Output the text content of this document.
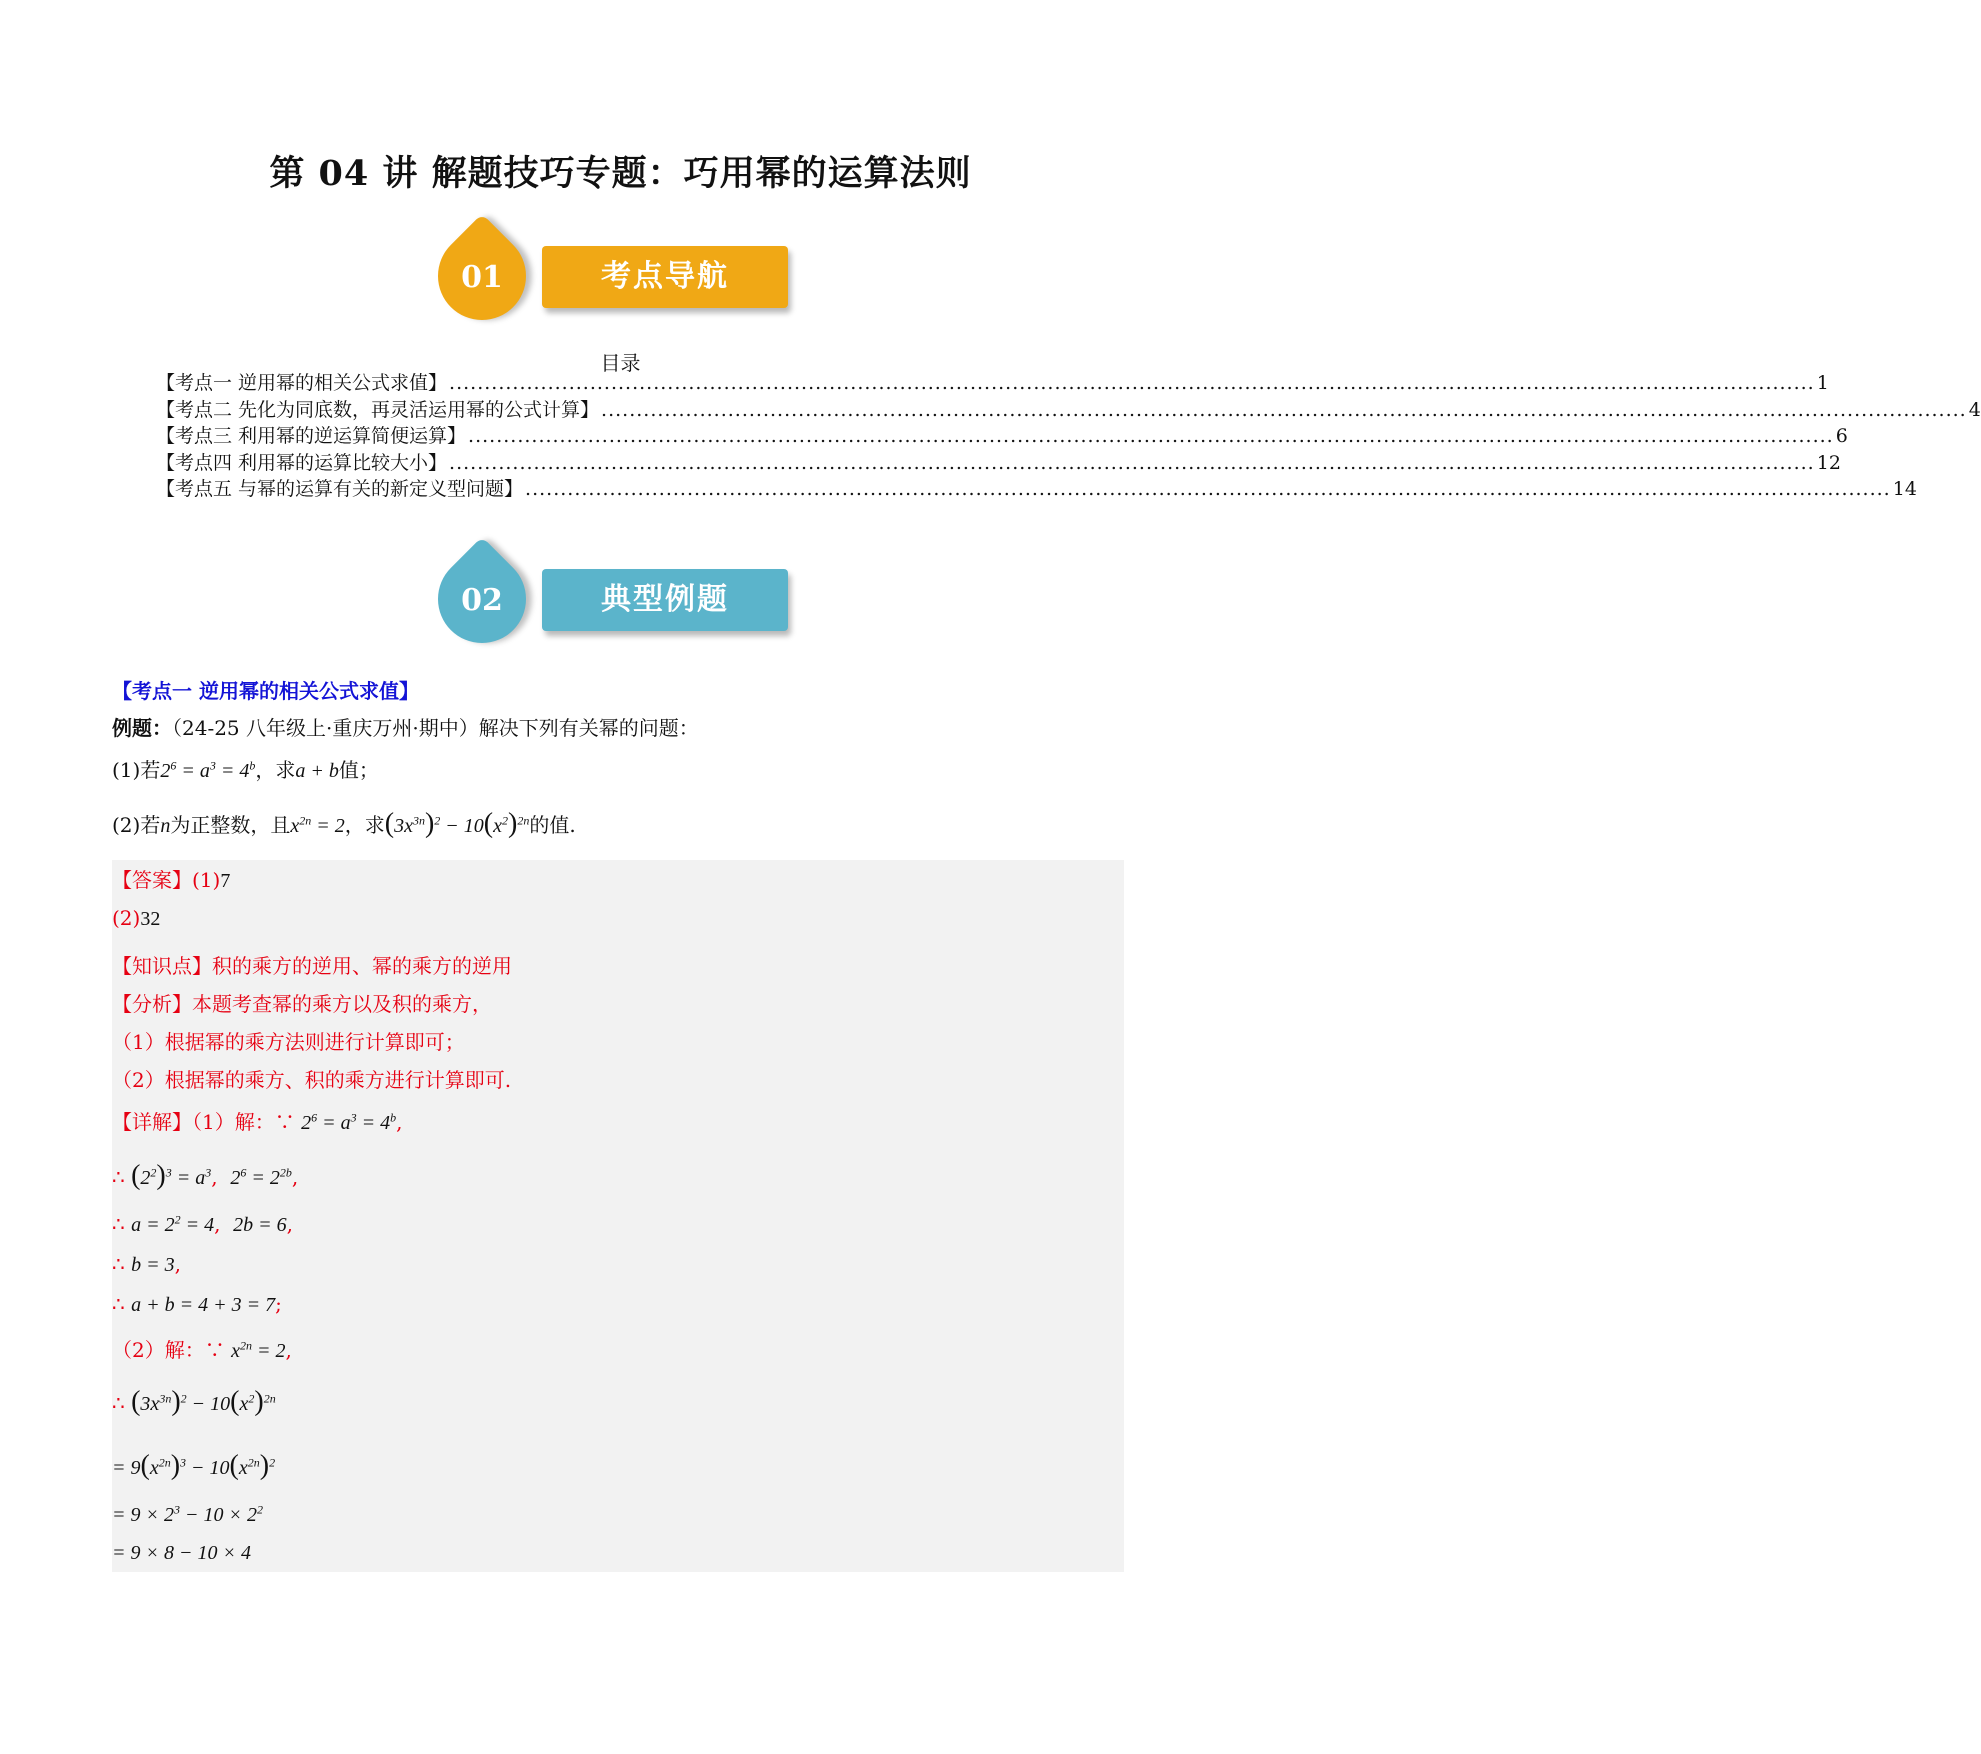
第 04 讲 解题技巧专题：巧用幂的运算法则
01	考点导航
目录
【考点一 逆用幂的相关公式求值】 .................................................................................................................................................................................................. 1
【考点二 先化为同底数，再灵活运用幂的公式计算】 .................................................................................................................................................................................................. 4
【考点三 利用幂的逆运算简便运算】 .................................................................................................................................................................................................. 6
【考点四 利用幂的运算比较大小】 .................................................................................................................................................................................................. 12
【考点五 与幂的运算有关的新定义型问题】 .................................................................................................................................................................................................. 14
02	典型例题
【考点一 逆用幂的相关公式求值】
例题：（24-25 八年级上·重庆万州·期中）解决下列有关幂的问题：
(1)若$2^6 = a^3 = 4^b$，求a + b值；
(2)若n为正整数，且$x^{2n} = 2$，求$(3x^{3n})^2 - 10(x^2)^{2n}$的值.
【答案】(1)7
(2)32
【知识点】积的乘方的逆用、幂的乘方的逆用
【分析】本题考查幂的乘方以及积的乘方，
（1）根据幂的乘方法则进行计算即可；
（2）根据幂的乘方、积的乘方进行计算即可.
【详解】（1）解：∵ $2^6 = a^3 = 4^b$,
∴ $(2^2)^3 = a^3$,  $2^6 = 2^{2b}$,
∴ $a = 2^2 = 4$,  2b = 6,
∴ b = 3,
∴ a + b = 4 + 3 = 7;
（2）解：∵ $x^{2n} = 2$,
∴ $(3x^{3n})^2 - 10(x^2)^{2n}$
= $9(x^{2n})^3 - 10(x^{2n})^2$
= $9 \times 2^3 - 10 \times 2^2$
= 9 × 8 − 10 × 4
